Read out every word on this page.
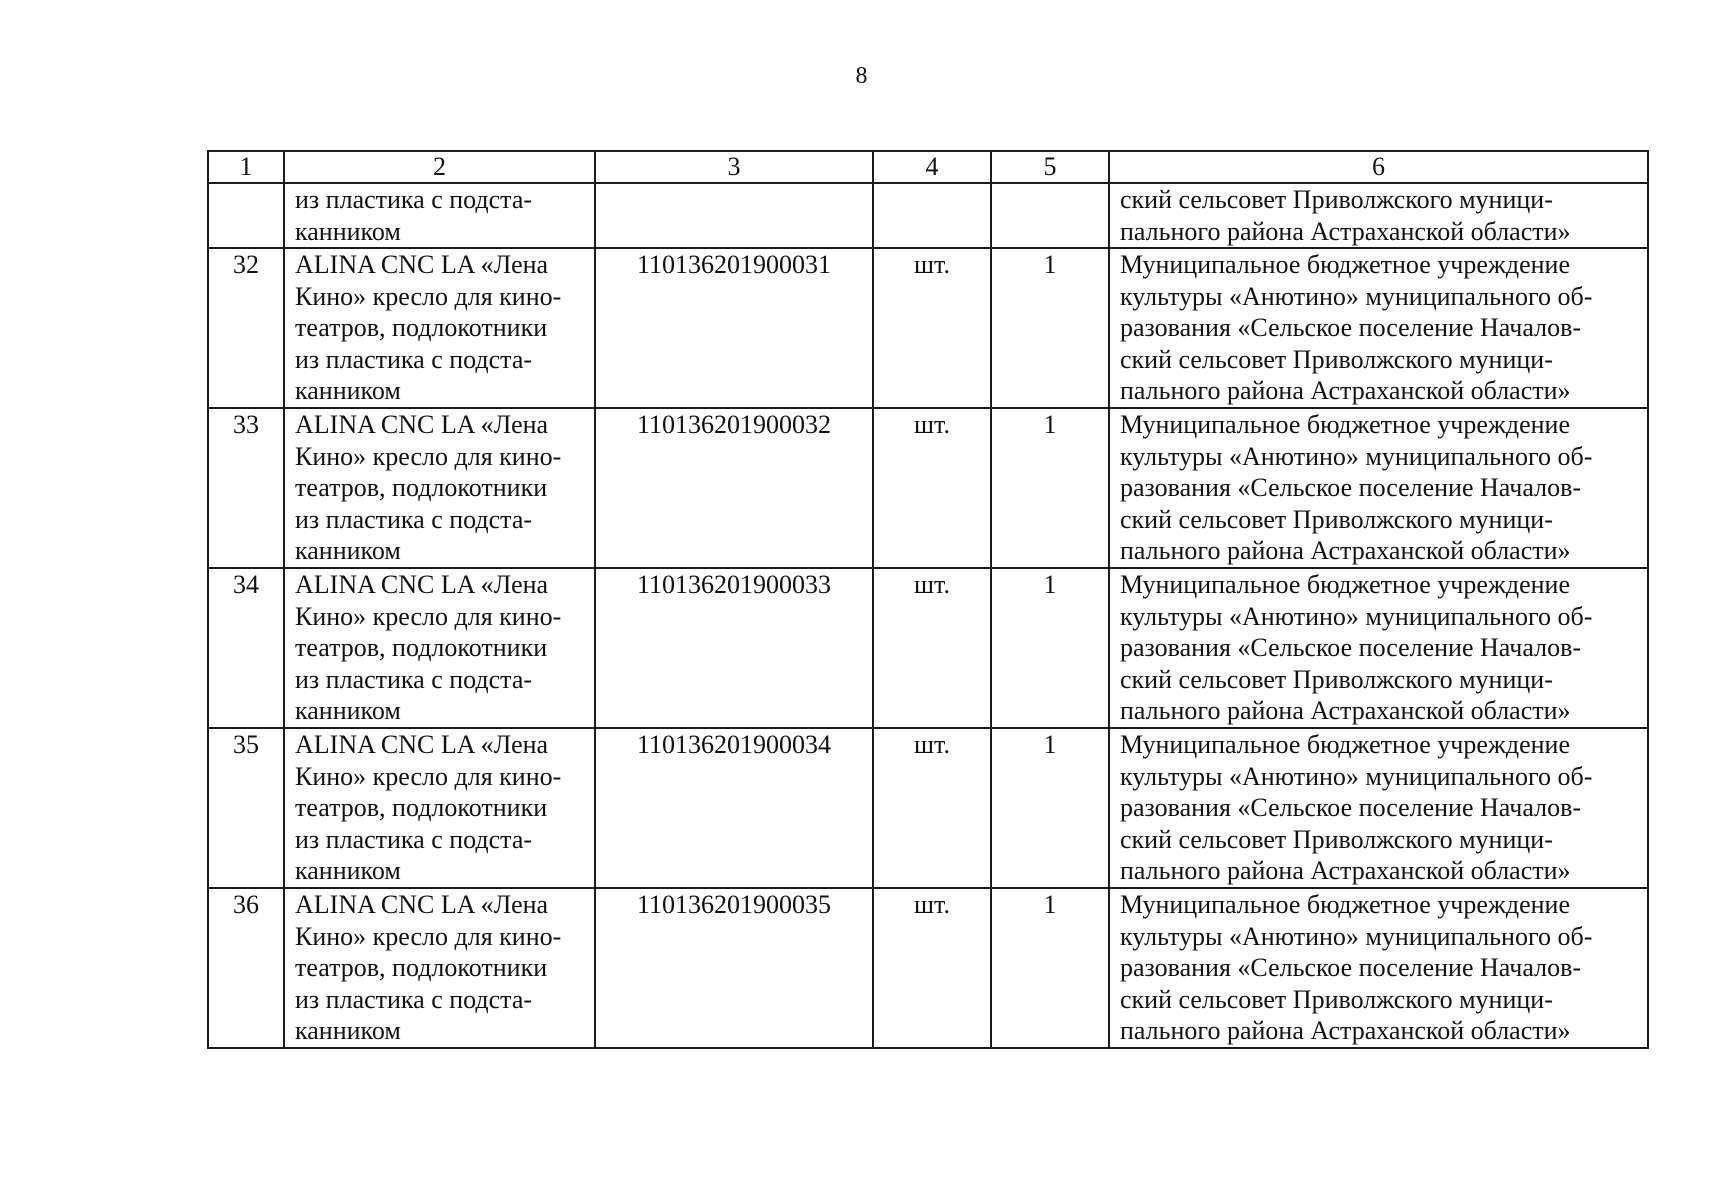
8
1	2	3	4	5	6

	из пластика с подста-
канником				ский сельсовет Приволжского муници-
пального района Астраханской области»

32	ALINA CNC LA «Лена
Кино» кресло для кино-
театров, подлокотники
из пластика с подста-
канником	110136201900031	шт.	1	Муниципальное бюджетное учреждение
культуры «Анютино» муниципального об-
разования «Сельское поселение Началов-
ский сельсовет Приволжского муници-
пального района Астраханской области»

33	ALINA CNC LA «Лена
Кино» кресло для кино-
театров, подлокотники
из пластика с подста-
канником	110136201900032	шт.	1	Муниципальное бюджетное учреждение
культуры «Анютино» муниципального об-
разования «Сельское поселение Началов-
ский сельсовет Приволжского муници-
пального района Астраханской области»

34	ALINA CNC LA «Лена
Кино» кресло для кино-
театров, подлокотники
из пластика с подста-
канником	110136201900033	шт.	1	Муниципальное бюджетное учреждение
культуры «Анютино» муниципального об-
разования «Сельское поселение Началов-
ский сельсовет Приволжского муници-
пального района Астраханской области»

35	ALINA CNC LA «Лена
Кино» кресло для кино-
театров, подлокотники
из пластика с подста-
канником	110136201900034	шт.	1	Муниципальное бюджетное учреждение
культуры «Анютино» муниципального об-
разования «Сельское поселение Началов-
ский сельсовет Приволжского муници-
пального района Астраханской области»

36	ALINA CNC LA «Лена
Кино» кресло для кино-
театров, подлокотники
из пластика с подста-
канником	110136201900035	шт.	1	Муниципальное бюджетное учреждение
культуры «Анютино» муниципального об-
разования «Сельское поселение Началов-
ский сельсовет Приволжского муници-
пального района Астраханской области»
